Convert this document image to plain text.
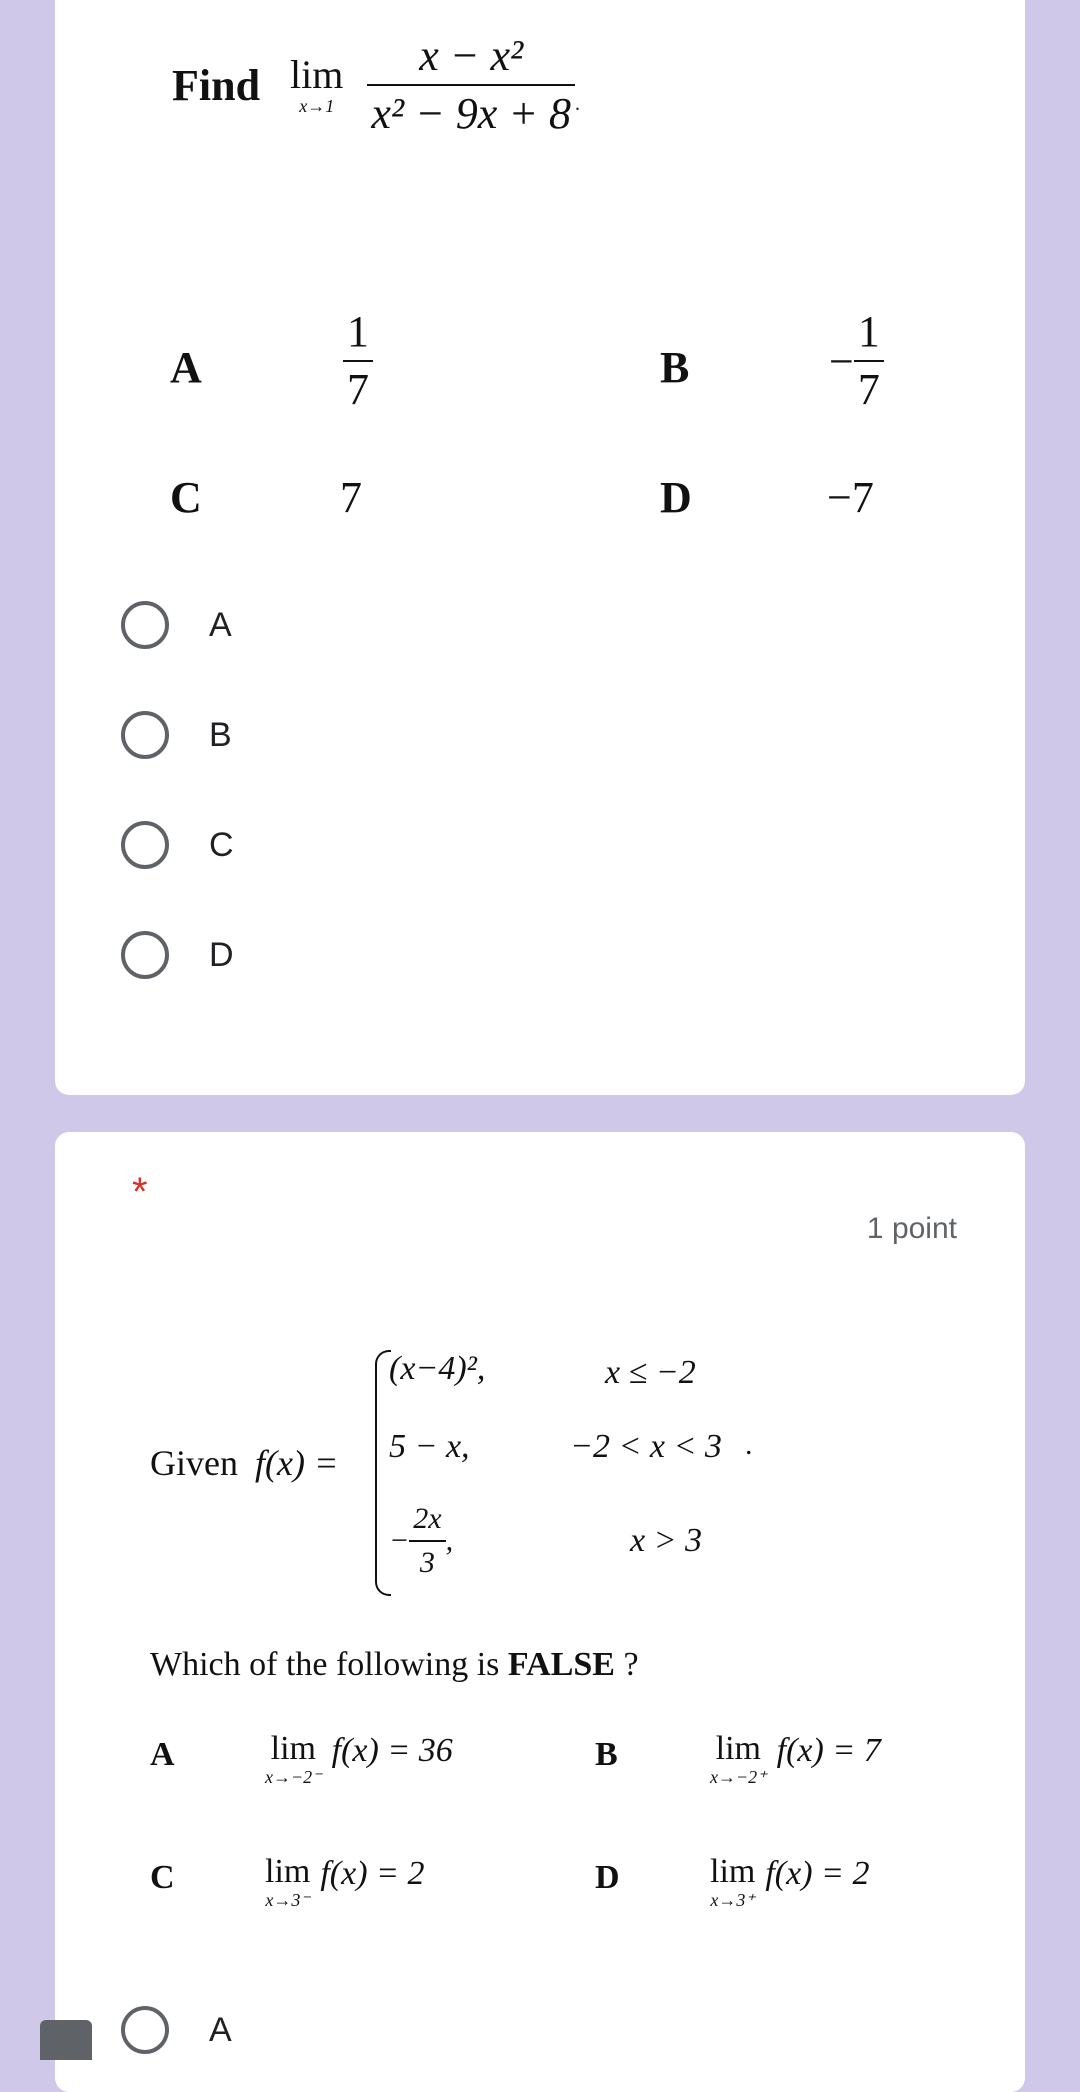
Find lim
$x\to 1 \frac{\text{x − x²}}{\text{x² − 9x + 8}}$ .
A	$\frac{1}{7}$	B	− $\frac{1}{7}$
C	7	D	−7
A
B
C
D
*
1 point
Given f(x) =
(x−4)²,	x ≤ −2
5 − x,	−2 < x < 3 .
− $\frac{2x}{3}$ ,	x > 3
Which of the following is FALSE ?
A	lim
x→−2⁻
f(x) = 36	B	lim
x→−2⁺
f(x) = 7
C	lim
x→3⁻
f(x) = 2	D	lim
x→3⁺
f(x) = 2
A
